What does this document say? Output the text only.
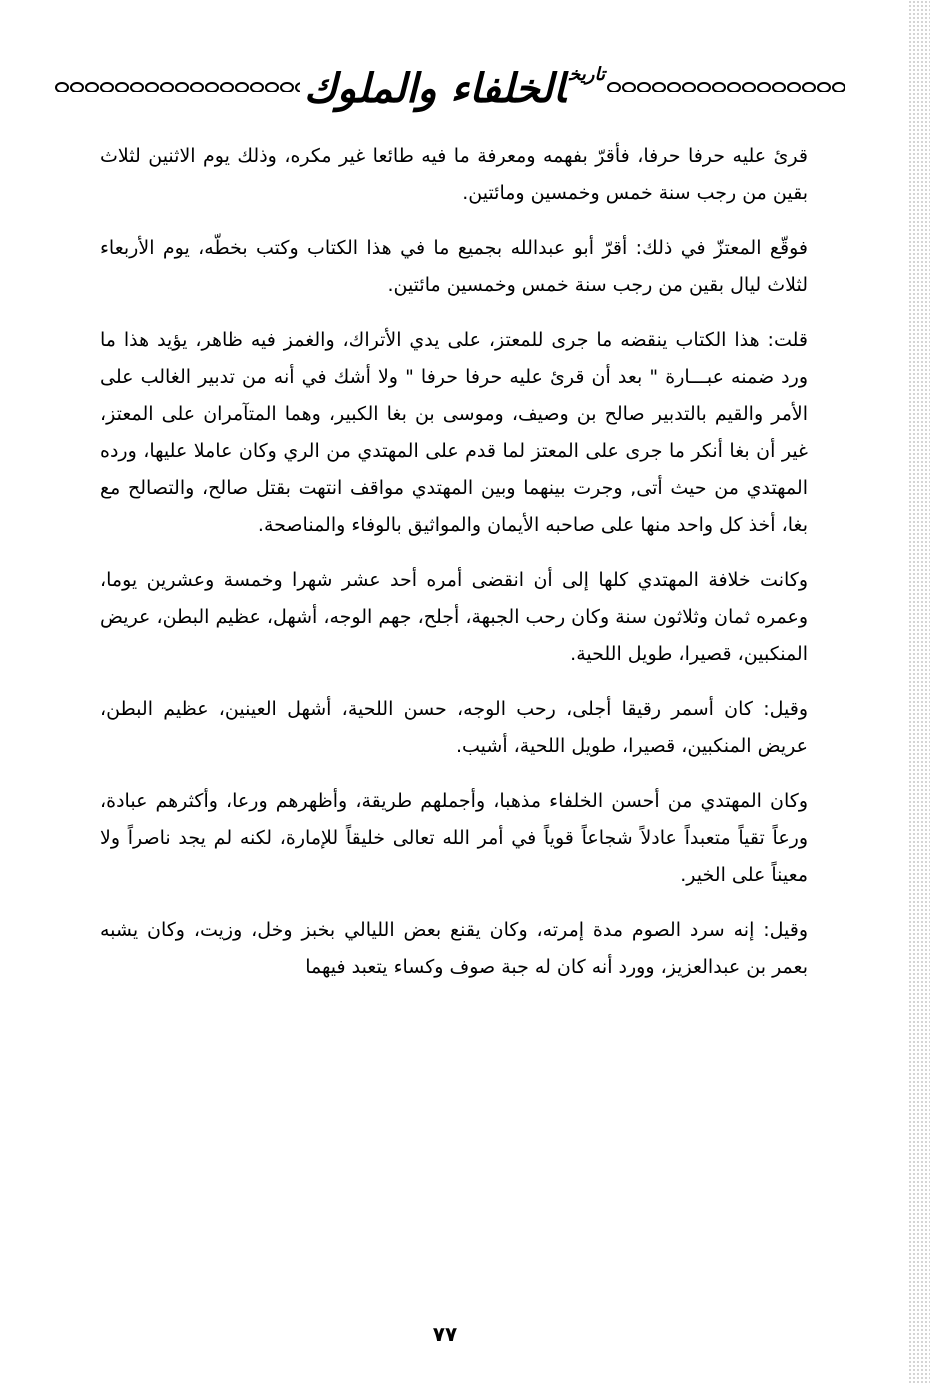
$^{تاريخ}$الخلفاء والملوك

قرئ عليه حرفا حرفا، فأقرّ بفهمه ومعرفة ما فيه طائعا غير مكره، وذلك يوم الاثنين لثلاث بقين من رجب سنة خمس وخمسين ومائتين.

فوقّع المعتزّ في ذلك: أقرّ أبو عبدالله بجميع ما في هذا الكتاب وكتب بخطّه، يوم الأربعاء لثلاث ليال بقين من رجب سنة خمس وخمسين مائتين.

قلت: هذا الكتاب ينقضه ما جرى للمعتز، على يدي الأتراك، والغمز فيه ظاهر، يؤيد هذا ما ورد ضمنه عبـــارة " بعد أن قرئ عليه حرفا حرفا " ولا أشك في أنه من تدبير الغالب على الأمر والقيم بالتدبير صالح بن وصيف، وموسى بن بغا الكبير، وهما المتآمران على المعتز، غير أن بغا أنكر ما جرى على المعتز لما قدم على المهتدي من الري وكان عاملا عليها، ورده المهتدي من حيث أتى, وجرت بينهما وبين المهتدي مواقف انتهت بقتل صالح، والتصالح مع بغا، أخذ كل واحد منها على صاحبه الأيمان والمواثيق بالوفاء والمناصحة.

وكانت خلافة المهتدي كلها إلى أن انقضى أمره أحد عشر شهرا وخمسة وعشرين يوما، وعمره ثمان وثلاثون سنة وكان رحب الجبهة، أجلح، جهم الوجه، أشهل، عظيم البطن، عريض المنكبين، قصيرا، طويل اللحية.

وقيل: كان أسمر رقيقا أجلى، رحب الوجه، حسن اللحية، أشهل العينين، عظيم البطن، عريض المنكبين، قصيرا، طويل اللحية، أشيب.

وكان المهتدي من أحسن الخلفاء مذهبا، وأجملهم طريقة، وأظهرهم ورعا، وأكثرهم عبادة، ورعاً تقياً متعبداً عادلاً شجاعاً قوياً في أمر الله تعالى خليقاً للإمارة، لكنه لم يجد ناصراً ولا معيناً على الخير.

وقيل: إنه سرد الصوم مدة إمرته، وكان يقنع بعض الليالي بخبز وخل، وزيت، وكان يشبه بعمر بن عبدالعزيز، وورد أنه كان له جبة صوف وكساء يتعبد فيهما

٧٧
